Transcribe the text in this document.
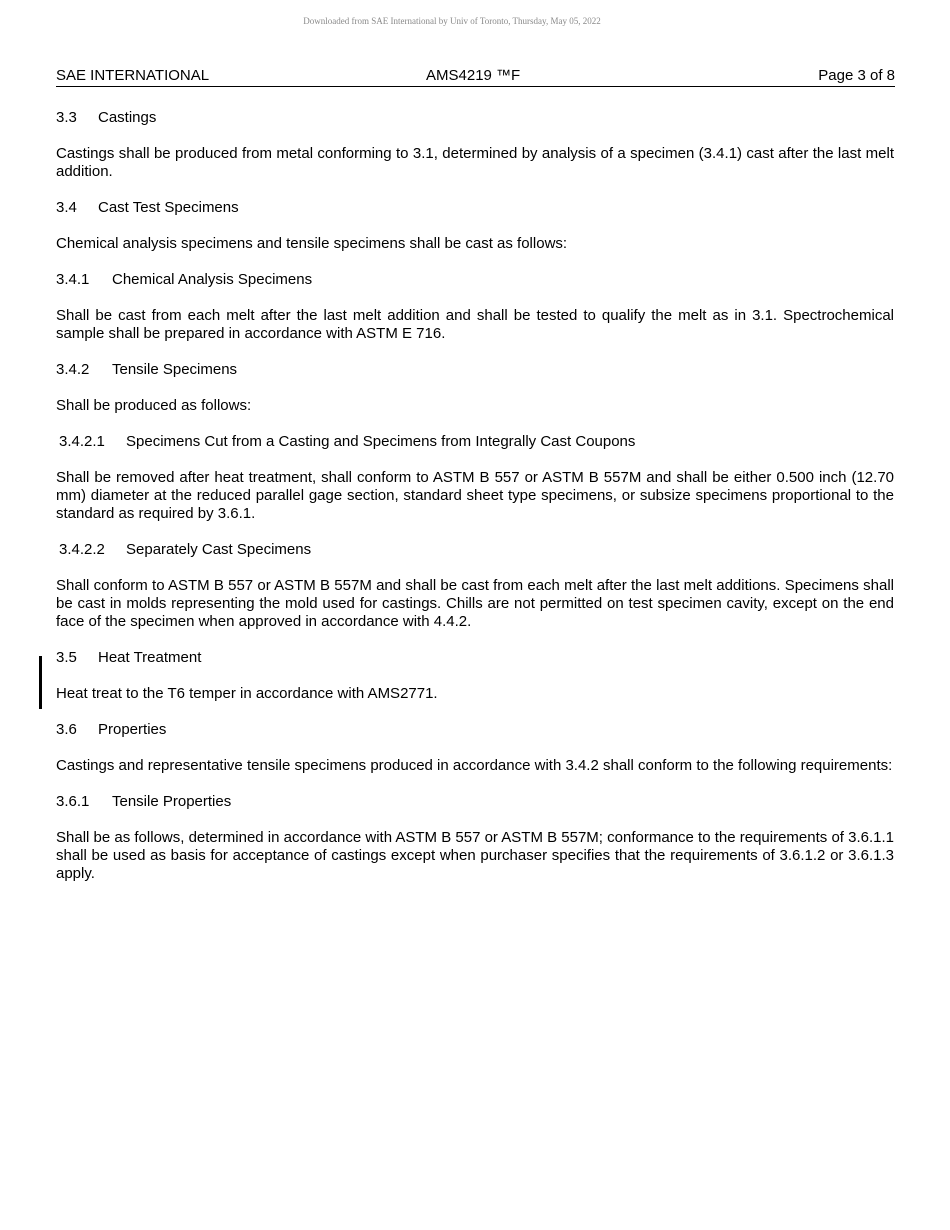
Downloaded from SAE International by Univ of Toronto, Thursday, May 05, 2022
SAE INTERNATIONAL	AMS4219 ™F	Page 3 of 8
3.3 Castings

Castings shall be produced from metal conforming to 3.1, determined by analysis of a specimen (3.4.1) cast after the last melt addition.

3.4 Cast Test Specimens

Chemical analysis specimens and tensile specimens shall be cast as follows:

3.4.1 Chemical Analysis Specimens

Shall be cast from each melt after the last melt addition and shall be tested to qualify the melt as in 3.1. Spectrochemical sample shall be prepared in accordance with ASTM E 716.

3.4.2 Tensile Specimens

Shall be produced as follows:

3.4.2.1 Specimens Cut from a Casting and Specimens from Integrally Cast Coupons

Shall be removed after heat treatment, shall conform to ASTM B 557 or ASTM B 557M and shall be either 0.500 inch (12.70 mm) diameter at the reduced parallel gage section, standard sheet type specimens, or subsize specimens proportional to the standard as required by 3.6.1.

3.4.2.2 Separately Cast Specimens

Shall conform to ASTM B 557 or ASTM B 557M and shall be cast from each melt after the last melt additions. Specimens shall be cast in molds representing the mold used for castings. Chills are not permitted on test specimen cavity, except on the end face of the specimen when approved in accordance with 4.4.2.

3.5 Heat Treatment

Heat treat to the T6 temper in accordance with AMS2771.

3.6 Properties

Castings and representative tensile specimens produced in accordance with 3.4.2 shall conform to the following requirements:

3.6.1 Tensile Properties

Shall be as follows, determined in accordance with ASTM B 557 or ASTM B 557M; conformance to the requirements of 3.6.1.1 shall be used as basis for acceptance of castings except when purchaser specifies that the requirements of 3.6.1.2 or 3.6.1.3 apply.
